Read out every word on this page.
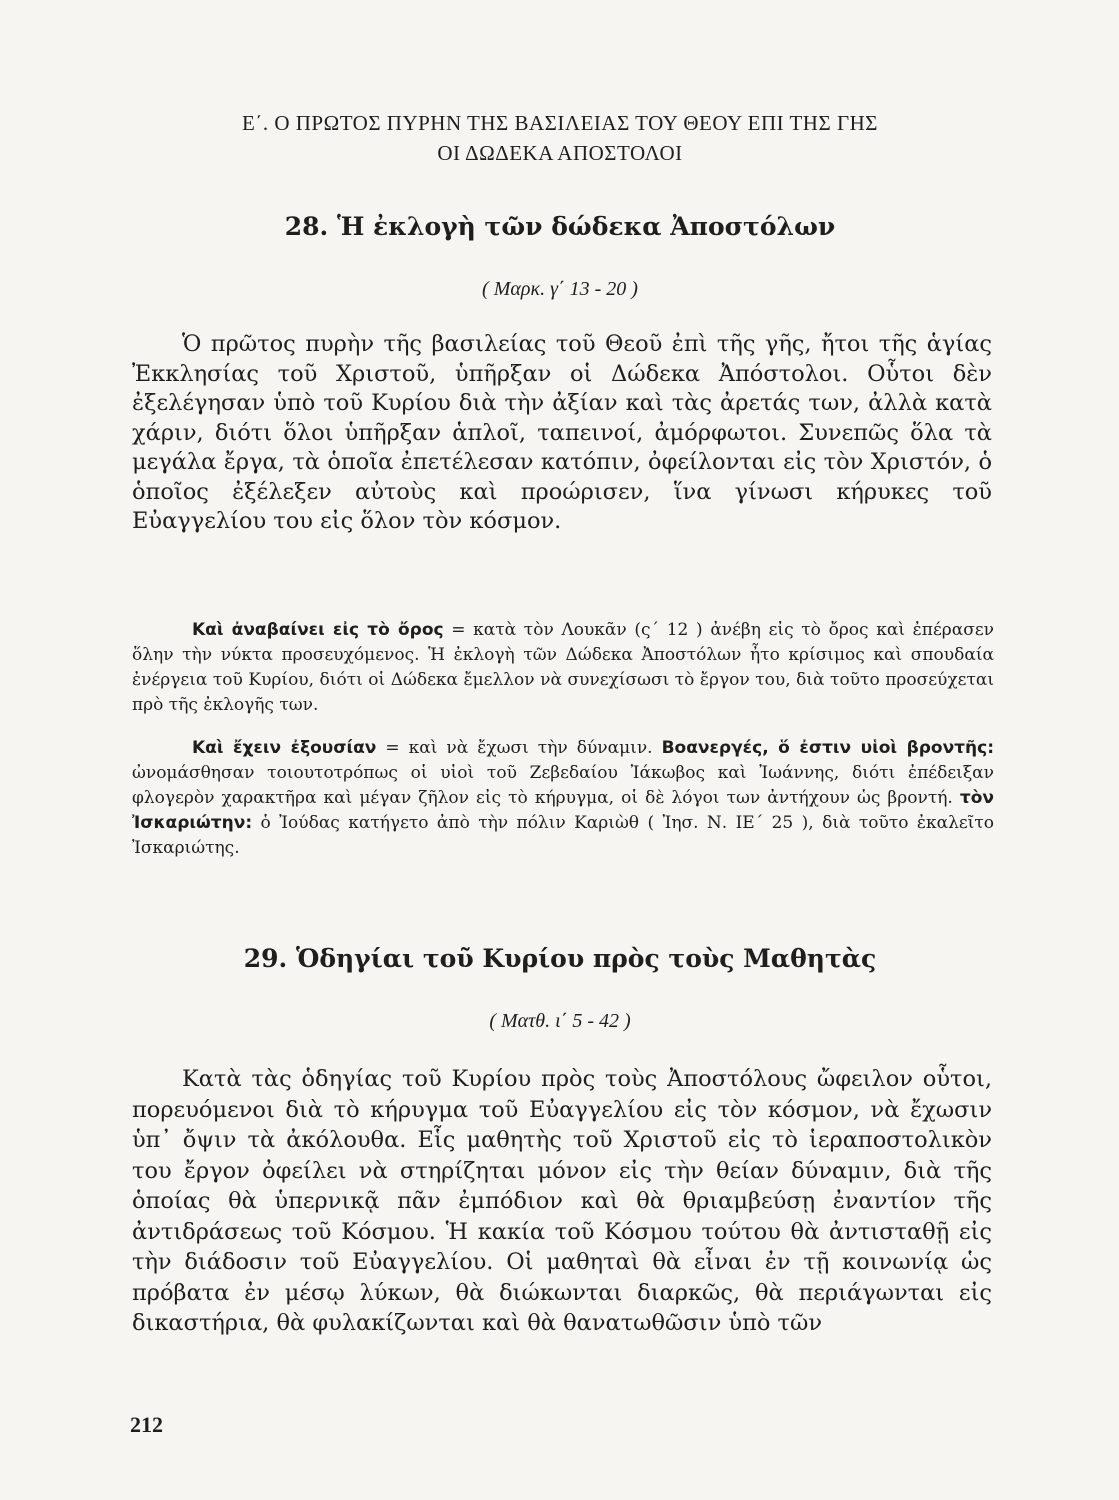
Ε΄. Ο ΠΡΩΤΟΣ ΠΥΡΗΝ ΤΗΣ ΒΑΣΙΛΕΙΑΣ ΤΟΥ ΘΕΟΥ ΕΠΙ ΤΗΣ ΓΗΣ
ΟΙ ΔΩΔΕΚΑ ΑΠΟΣΤΟΛΟΙ
28. Ἡ ἐκλογὴ τῶν δώδεκα Ἀποστόλων
( Μαρκ. γ΄ 13 - 20 )

Ὁ πρῶτος πυρὴν τῆς βασιλείας τοῦ Θεοῦ ἐπὶ τῆς γῆς, ἤτοι τῆς ἁγίας Ἐκκλησίας τοῦ Χριστοῦ, ὑπῆρξαν οἱ Δώδεκα Ἀπόστολοι. Οὗτοι δὲν ἐξελέγησαν ὑπὸ τοῦ Κυρίου διὰ τὴν ἀξίαν καὶ τὰς ἀρετάς των, ἀλλὰ κατὰ χάριν, διότι ὅλοι ὑπῆρξαν ἁπλοῖ, ταπεινοί, ἀμόρφωτοι. Συνεπῶς ὅλα τὰ μεγάλα ἔργα, τὰ ὁποῖα ἐπετέλεσαν κατόπιν, ὀφείλονται εἰς τὸν Χριστόν, ὁ ὁποῖος ἐξέλεξεν αὐτοὺς καὶ προώρισεν, ἵνα γίνωσι κήρυκες τοῦ Εὐαγγελίου του εἰς ὅλον τὸν κόσμον.

Καὶ ἀναβαίνει εἰς τὸ ὄρος = κατὰ τὸν Λουκᾶν (ς΄ 12 ) ἀνέβη εἰς τὸ ὄρος καὶ ἐπέρασεν ὅλην τὴν νύκτα προσευχόμενος. Ἡ ἐκλογὴ τῶν Δώδεκα Ἀποστόλων ἦτο κρίσιμος καὶ σπουδαία ἐνέργεια τοῦ Κυρίου, διότι οἱ Δώδεκα ἔμελλον νὰ συνεχίσωσι τὸ ἔργον του, διὰ τοῦτο προσεύχεται πρὸ τῆς ἐκλογῆς των.

Καὶ ἔχειν ἐξουσίαν = καὶ νὰ ἔχωσι τὴν δύναμιν. Βοανεργές, ὅ ἐστιν υἱοὶ βροντῆς: ὠνομάσθησαν τοιουτοτρόπως οἱ υἱοὶ τοῦ Ζεβεδαίου Ἰάκωβος καὶ Ἰωάννης, διότι ἐπέδειξαν φλογερὸν χαρακτῆρα καὶ μέγαν ζῆλον εἰς τὸ κήρυγμα, οἱ δὲ λόγοι των ἀντήχουν ὡς βροντή. τὸν Ἰσκαριώτην: ὁ Ἰούδας κατήγετο ἀπὸ τὴν πόλιν Καριὼθ ( Ἰησ. Ν. ΙΕ΄ 25 ), διὰ τοῦτο ἐκαλεῖτο Ἰσκαριώτης.

29. Ὁδηγίαι τοῦ Κυρίου πρὸς τοὺς Μαθητὰς
( Ματθ. ι΄ 5 - 42 )

Κατὰ τὰς ὁδηγίας τοῦ Κυρίου πρὸς τοὺς Ἀποστόλους ὤφειλον οὗτοι, πορευόμενοι διὰ τὸ κήρυγμα τοῦ Εὐαγγελίου εἰς τὸν κόσμον, νὰ ἔχωσιν ὑπ᾽ ὄψιν τὰ ἀκόλουθα. Εἷς μαθητὴς τοῦ Χριστοῦ εἰς τὸ ἱεραποστολικὸν του ἔργον ὀφείλει νὰ στηρίζηται μόνον εἰς τὴν θείαν δύναμιν, διὰ τῆς ὁποίας θὰ ὑπερνικᾷ πᾶν ἐμπόδιον καὶ θὰ θριαμβεύσῃ ἐναντίον τῆς ἀντιδράσεως τοῦ Κόσμου. Ἡ κακία τοῦ Κόσμου τούτου θὰ ἀντισταθῇ εἰς τὴν διάδοσιν τοῦ Εὐαγγελίου. Οἱ μαθηταὶ θὰ εἶναι ἐν τῇ κοινωνίᾳ ὡς πρόβατα ἐν μέσῳ λύκων, θὰ διώκωνται διαρκῶς, θὰ περιάγωνται εἰς δικαστήρια, θὰ φυλακίζωνται καὶ θὰ θανατωθῶσιν ὑπὸ τῶν

212
